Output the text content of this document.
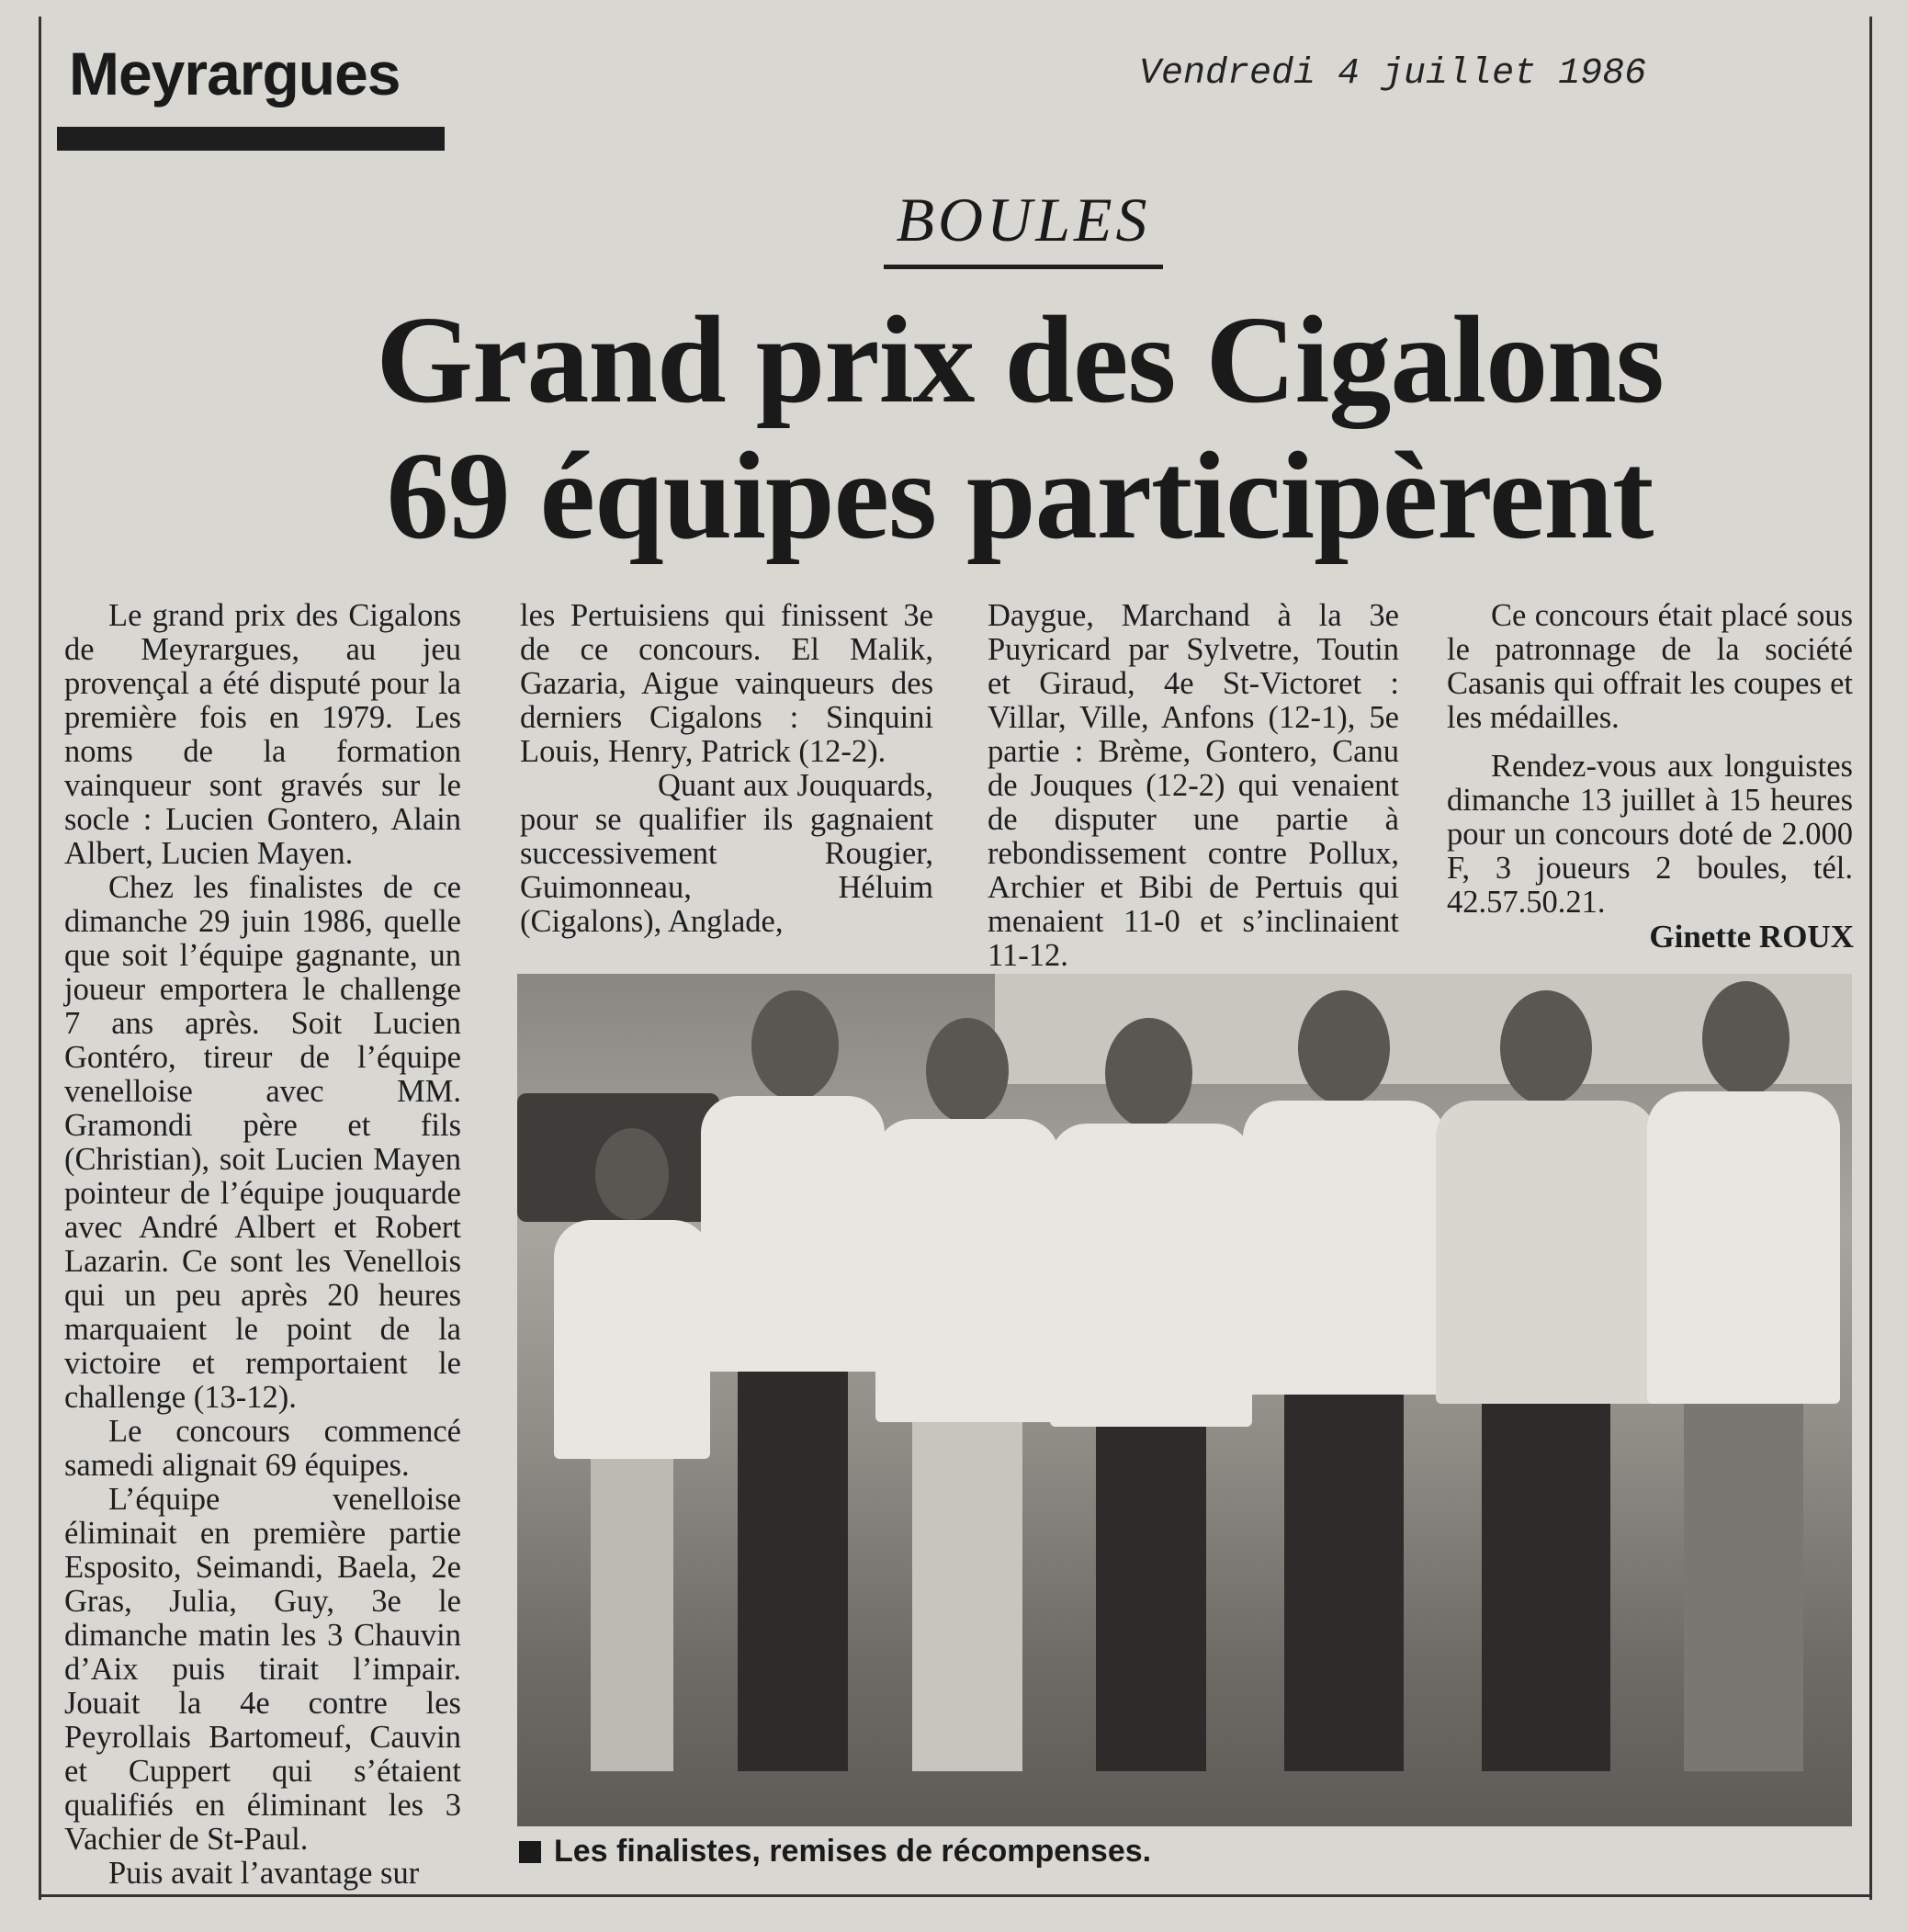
Meyrargues	Vendredi 4 juillet 1986
BOULES
Grand prix des Cigalons
69 équipes participèrent

Le grand prix des Cigalons de Meyrargues, au jeu provençal a été disputé pour la première fois en 1979. Les noms de la formation vainqueur sont gravés sur le socle : Lucien Gontero, Alain Albert, Lucien Mayen.

Chez les finalistes de ce dimanche 29 juin 1986, quelle que soit l’équipe gagnante, un joueur emportera le challenge 7 ans après. Soit Lucien Gontéro, tireur de l’équipe venelloise avec MM. Gramondi père et fils (Christian), soit Lucien Mayen pointeur de l’équipe jouquarde avec André Albert et Robert Lazarin. Ce sont les Venellois qui un peu après 20 heures marquaient le point de la victoire et remportaient le challenge (13-12).

Le concours commencé samedi alignait 69 équipes.

L’équipe venelloise éliminait en première partie Esposito, Seimandi, Baela, 2e Gras, Julia, Guy, 3e le dimanche matin les 3 Chauvin d’Aix puis tirait l’impair. Jouait la 4e contre les Peyrollais Bartomeuf, Cauvin et Cuppert qui s’étaient qualifiés en éliminant les 3 Vachier de St-Paul.

Puis avait l’avantage sur

les Pertuisiens qui finissent 3e de ce concours. El Malik, Gazaria, Aigue vainqueurs des derniers Cigalons : Sinquini Louis, Henry, Patrick (12-2).

Quant aux Jouquards, pour se qualifier ils gagnaient successivement Rougier, Guimonneau, Héluim (Cigalons), Anglade,

Daygue, Marchand à la 3e Puyricard par Sylvetre, Toutin et Giraud, 4e St-Victoret : Villar, Ville, Anfons (12-1), 5e partie : Brème, Gontero, Canu de Jouques (12-2) qui venaient de disputer une partie à rebondissement contre Pollux, Archier et Bibi de Pertuis qui menaient 11-0 et s’inclinaient 11-12.

Ce concours était placé sous le patronnage de la société Casanis qui offrait les coupes et les médailles.

Rendez-vous aux longuistes dimanche 13 juillet à 15 heures pour un concours doté de 2.000 F, 3 joueurs 2 boules, tél. 42.57.50.21.

Ginette ROUX
Les finalistes, remises de récompenses.
